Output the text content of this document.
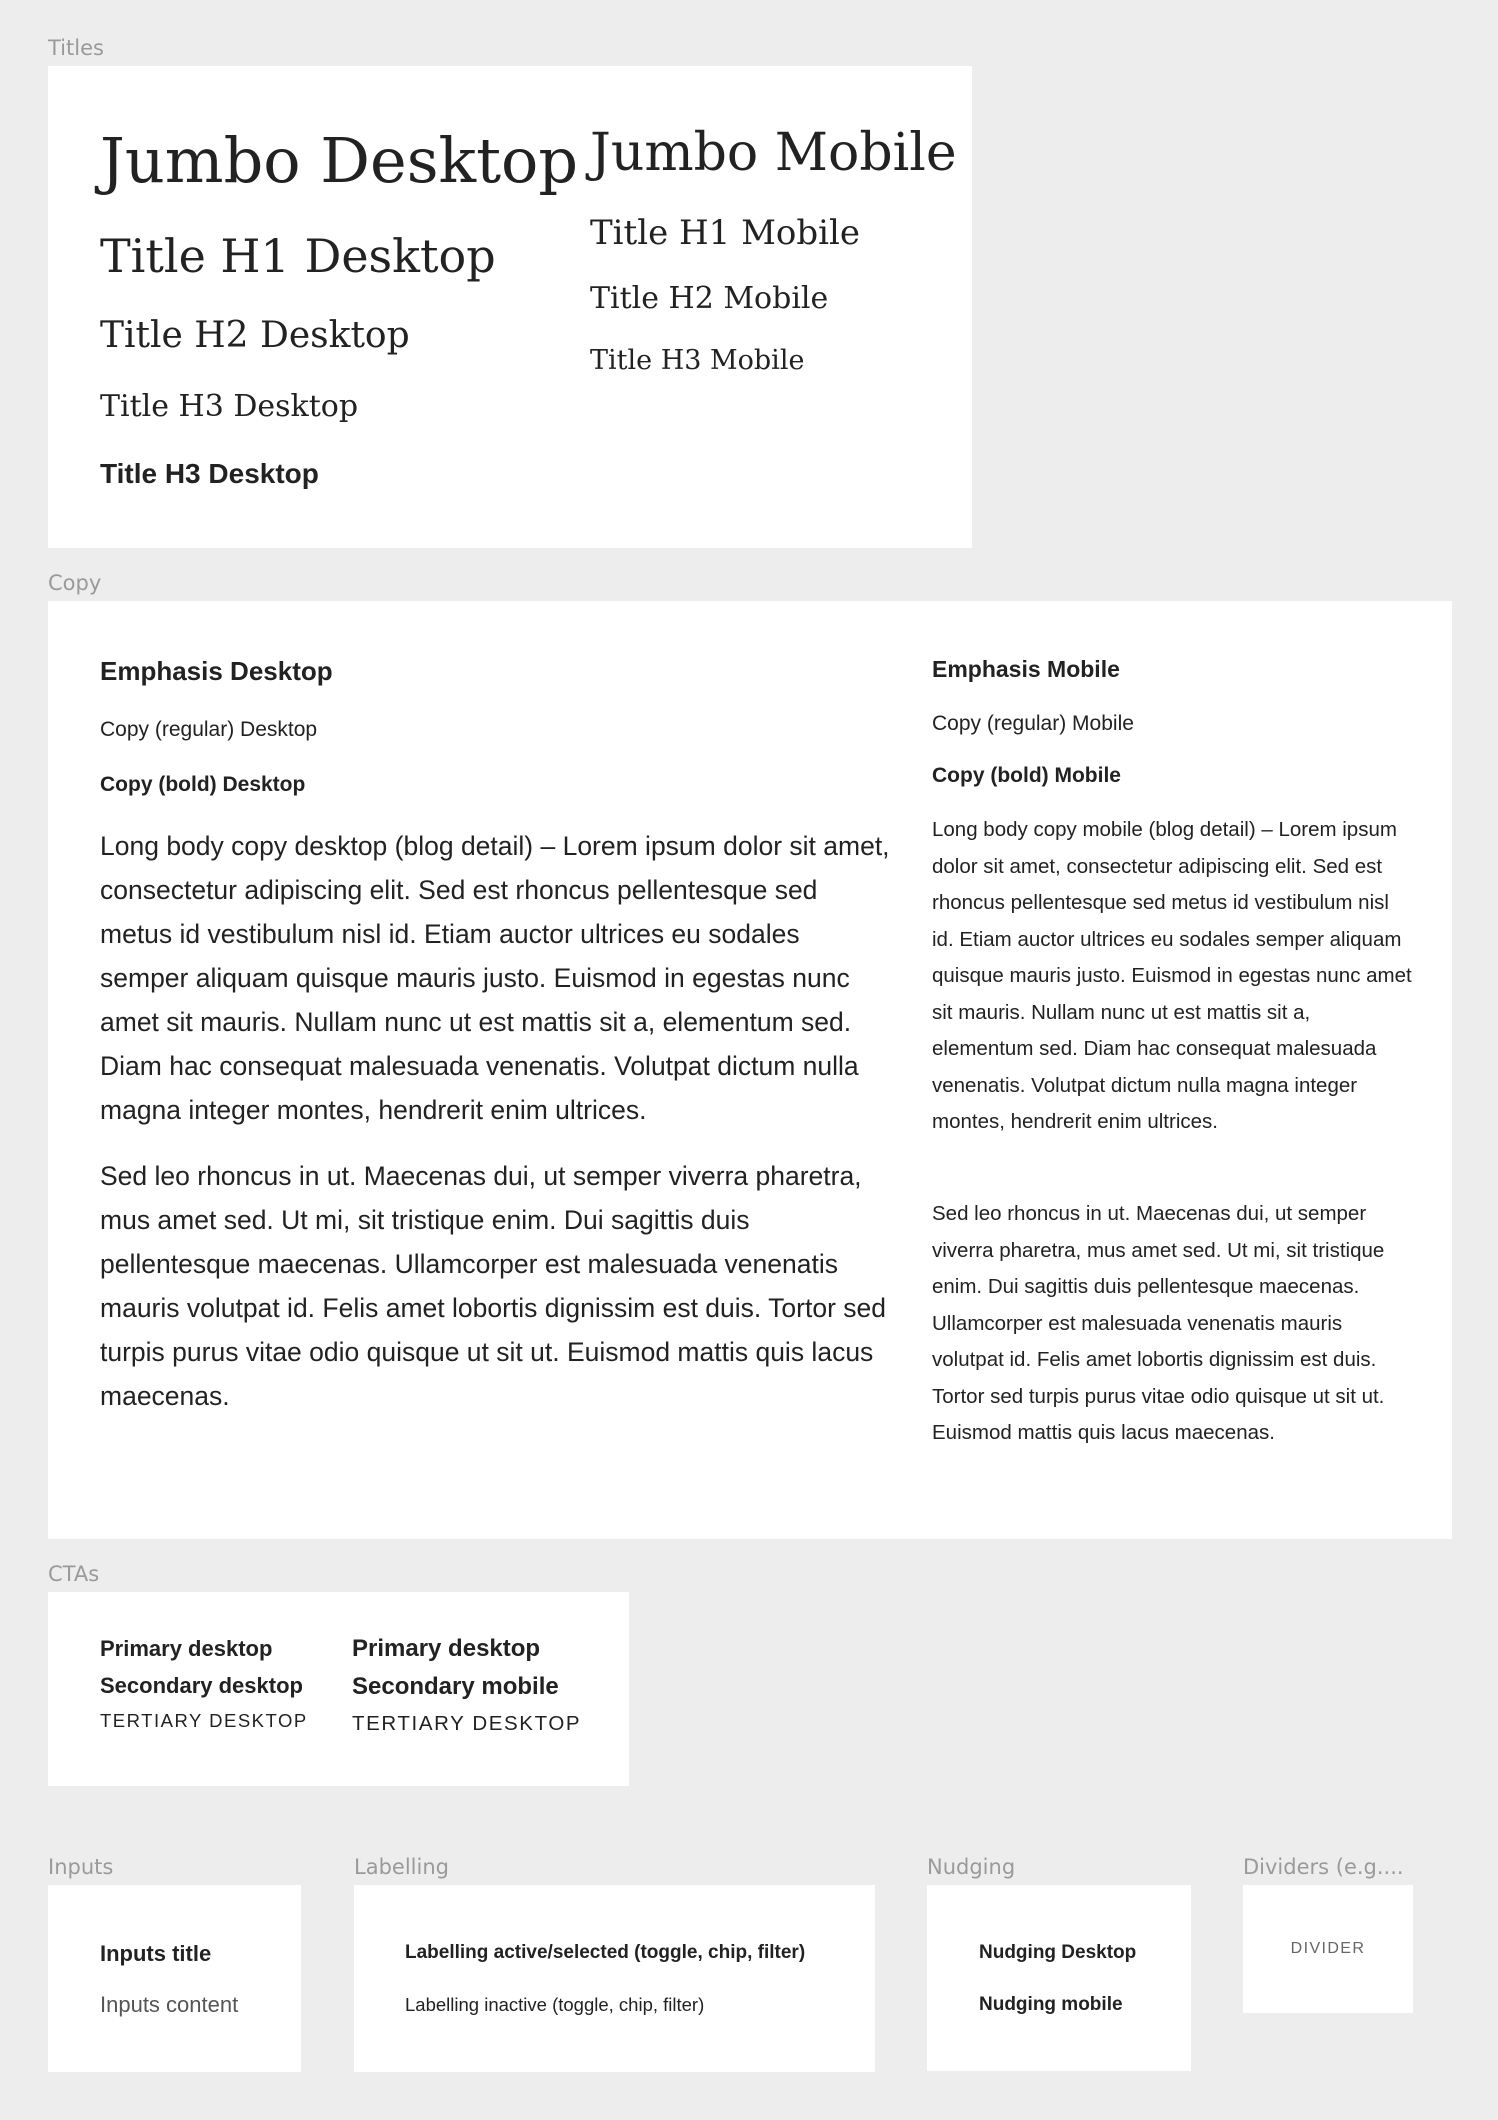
Titles
Jumbo Desktop
Title H1 Desktop
Title H2 Desktop
Title H3 Desktop
Title H3 Desktop
Jumbo Mobile
Title H1 Mobile
Title H2 Mobile
Title H3 Mobile
Copy
Emphasis Desktop
Copy (regular) Desktop
Copy (bold) Desktop

Long body copy desktop (blog detail) – Lorem ipsum dolor sit amet, consectetur adipiscing elit. Sed est rhoncus pellentesque sed metus id vestibulum nisl id. Etiam auctor ultrices eu sodales semper aliquam quisque mauris justo. Euismod in egestas nunc amet sit mauris. Nullam nunc ut est mattis sit a, elementum sed. Diam hac consequat malesuada venenatis. Volutpat dictum nulla magna integer montes, hendrerit enim ultrices.

Sed leo rhoncus in ut. Maecenas dui, ut semper viverra pharetra, mus amet sed. Ut mi, sit tristique enim. Dui sagittis duis pellentesque maecenas. Ullamcorper est malesuada venenatis mauris volutpat id. Felis amet lobortis dignissim est duis. Tortor sed turpis purus vitae odio quisque ut sit ut. Euismod mattis quis lacus maecenas.

Emphasis Mobile
Copy (regular) Mobile
Copy (bold) Mobile

Long body copy mobile (blog detail) – Lorem ipsum dolor sit amet, consectetur adipiscing elit. Sed est rhoncus pellentesque sed metus id vestibulum nisl id. Etiam auctor ultrices eu sodales semper aliquam quisque mauris justo. Euismod in egestas nunc amet sit mauris. Nullam nunc ut est mattis sit a, elementum sed. Diam hac consequat malesuada venenatis. Volutpat dictum nulla magna integer montes, hendrerit enim ultrices.

Sed leo rhoncus in ut. Maecenas dui, ut semper viverra pharetra, mus amet sed. Ut mi, sit tristique enim. Dui sagittis duis pellentesque maecenas. Ullamcorper est malesuada venenatis mauris volutpat id. Felis amet lobortis dignissim est duis. Tortor sed turpis purus vitae odio quisque ut sit ut. Euismod mattis quis lacus maecenas.

CTAs
Primary desktop
Secondary desktop
TERTIARY DESKTOP
Primary desktop
Secondary mobile
TERTIARY DESKTOP
Inputs
Inputs title
Inputs content
Labelling
Labelling active/selected (toggle, chip, filter)
Labelling inactive (toggle, chip, filter)
Nudging
Nudging Desktop
Nudging mobile
Dividers (e.g....
DIVIDER
